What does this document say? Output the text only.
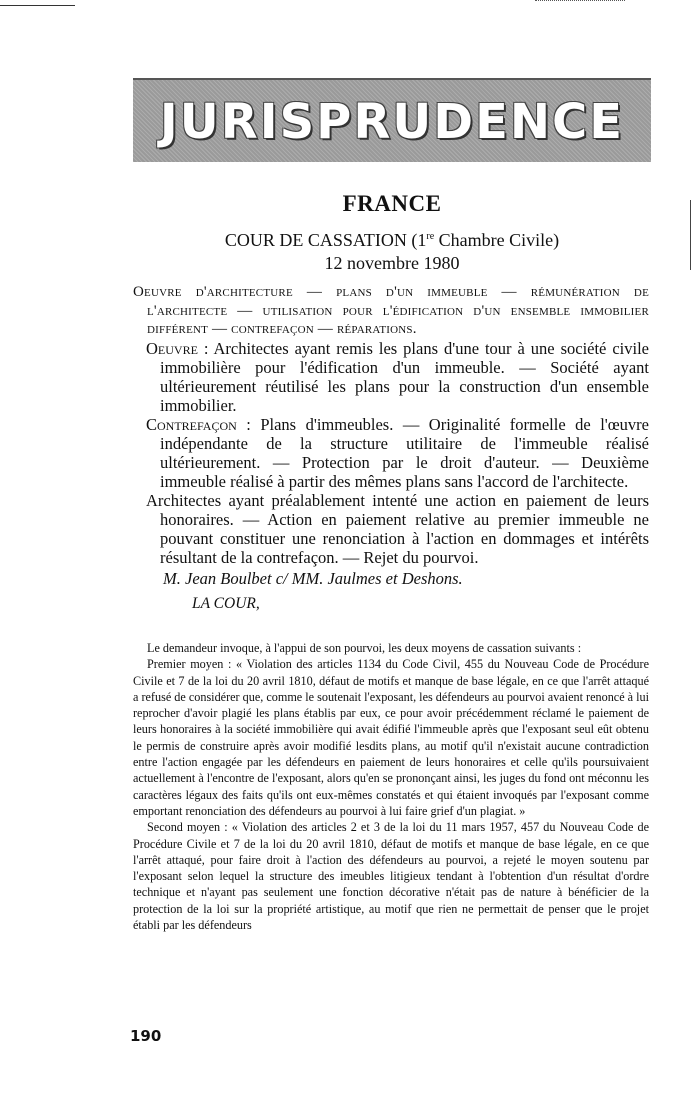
JURISPRUDENCE
FRANCE
COUR DE CASSATION (1re Chambre Civile)
12 novembre 1980

Oeuvre d'architecture — plans d'un immeuble — rémunération de l'architecte — utilisation pour l'édification d'un ensemble immobilier différent — contrefaçon — réparations.

Oeuvre : Architectes ayant remis les plans d'une tour à une société civile immobilière pour l'édification d'un immeuble. — Société ayant ultérieurement réutilisé les plans pour la construction d'un ensemble immobilier.

Contrefaçon : Plans d'immeubles. — Originalité formelle de l'œuvre indépendante de la structure utilitaire de l'immeuble réalisé ultérieurement. — Protection par le droit d'auteur. — Deuxième immeuble réalisé à partir des mêmes plans sans l'accord de l'architecte.

Architectes ayant préalablement intenté une action en paiement de leurs honoraires. — Action en paiement relative au premier immeuble ne pouvant constituer une renonciation à l'action en dommages et intérêts résultant de la contrefaçon. — Rejet du pourvoi.

M. Jean Boulbet c/ MM. Jaulmes et Deshons.

LA COUR,

Le demandeur invoque, à l'appui de son pourvoi, les deux moyens de cassation suivants :

Premier moyen : « Violation des articles 1134 du Code Civil, 455 du Nouveau Code de Procédure Civile et 7 de la loi du 20 avril 1810, défaut de motifs et manque de base légale, en ce que l'arrêt attaqué a refusé de considérer que, comme le soutenait l'exposant, les défendeurs au pourvoi avaient renoncé à lui reprocher d'avoir plagié les plans établis par eux, ce pour avoir précédemment réclamé le paiement de leurs honoraires à la société immobilière qui avait édifié l'immeuble après que l'exposant seul eût obtenu le permis de construire après avoir modifié lesdits plans, au motif qu'il n'existait aucune contradiction entre l'action engagée par les défendeurs en paiement de leurs honoraires et celle qu'ils poursuivaient actuellement à l'encontre de l'exposant, alors qu'en se prononçant ainsi, les juges du fond ont méconnu les caractères légaux des faits qu'ils ont eux-mêmes constatés et qui étaient invoqués par l'exposant comme emportant renonciation des défendeurs au pourvoi à lui faire grief d'un plagiat. »

Second moyen : « Violation des articles 2 et 3 de la loi du 11 mars 1957, 457 du Nouveau Code de Procédure Civile et 7 de la loi du 20 avril 1810, défaut de motifs et manque de base légale, en ce que l'arrêt attaqué, pour faire droit à l'action des défendeurs au pourvoi, a rejeté le moyen soutenu par l'exposant selon lequel la structure des imeubles litigieux tendant à l'obtention d'un résultat d'ordre technique et n'ayant pas seulement une fonction décorative n'était pas de nature à bénéficier de la protection de la loi sur la propriété artistique, au motif que rien ne permettait de penser que le projet établi par les défendeurs

190
